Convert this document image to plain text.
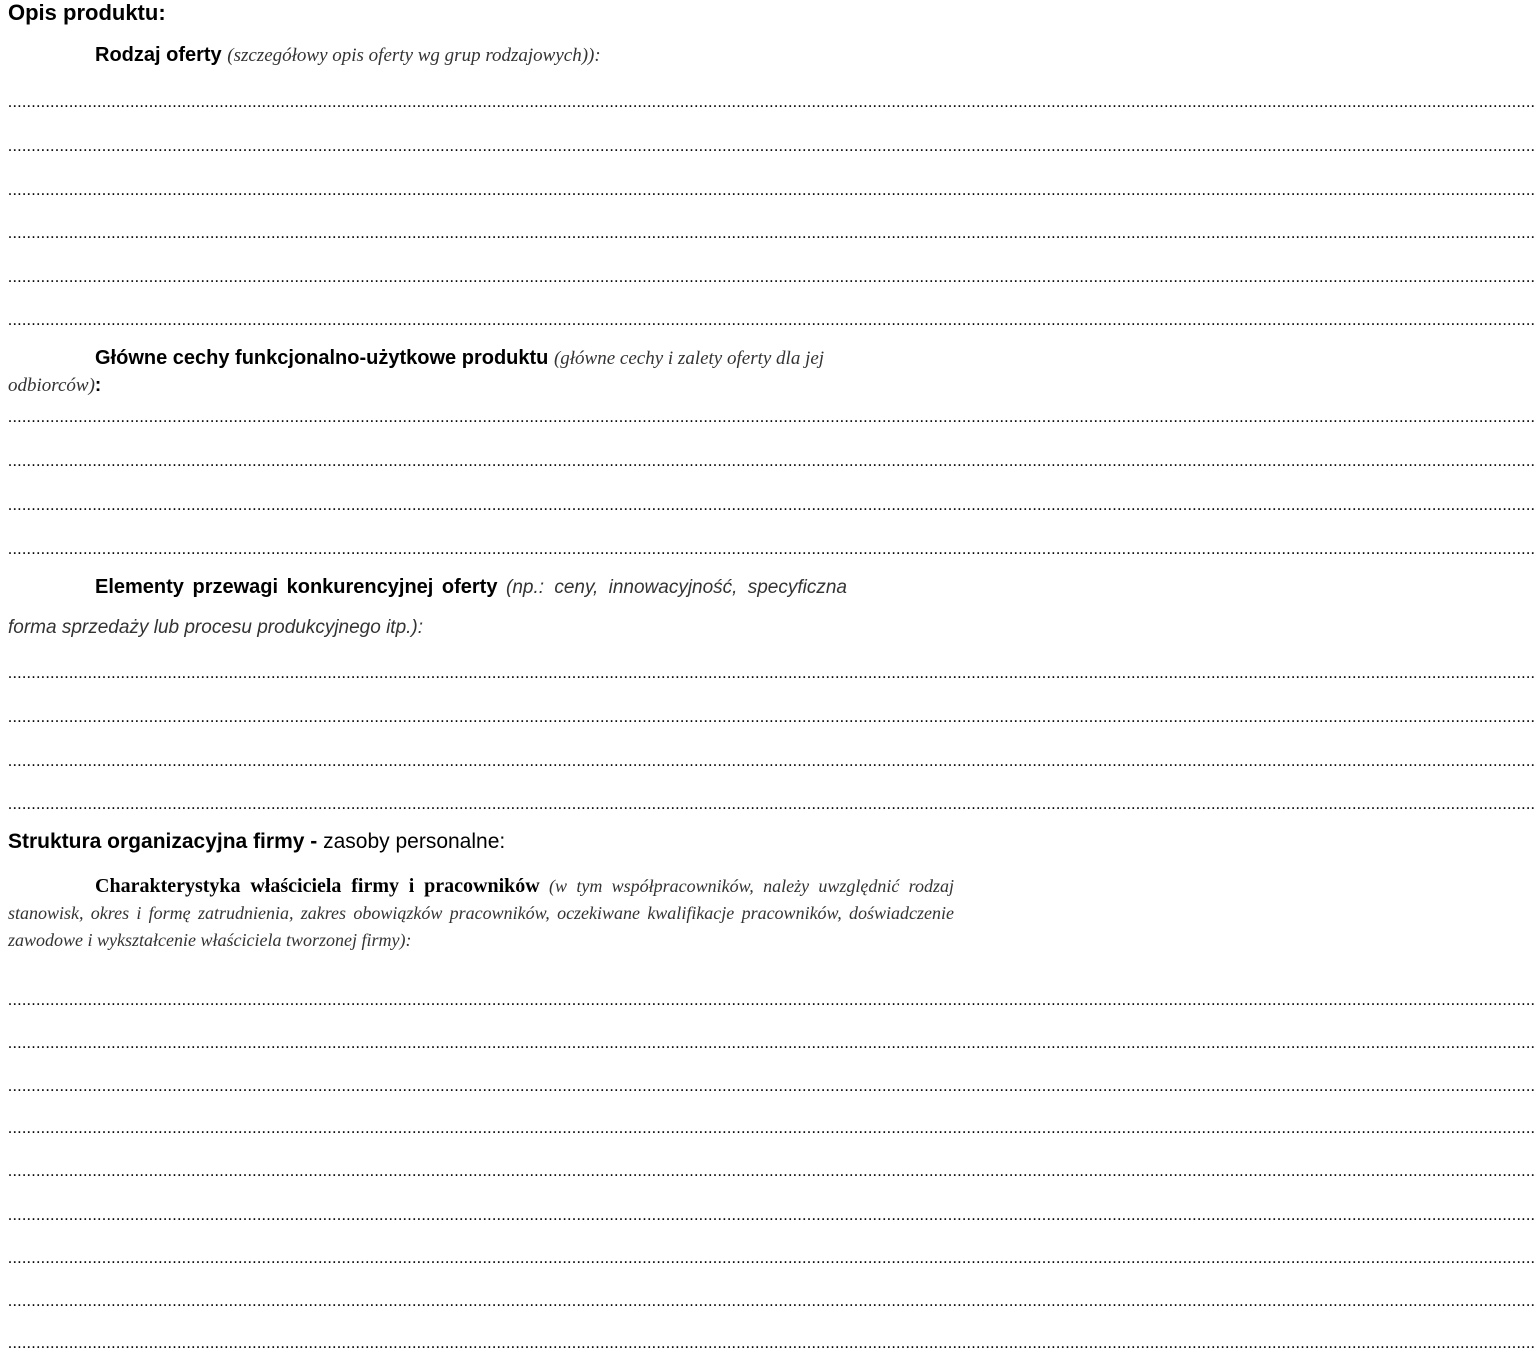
Opis produktu:
Rodzaj oferty (szczegółowy opis oferty wg grup rodzajowych)):
.....................................................................................................................................................................................................................................................................................................................................
.....................................................................................................................................................................................................................................................................................................................................
.....................................................................................................................................................................................................................................................................................................................................
.....................................................................................................................................................................................................................................................................................................................................
.....................................................................................................................................................................................................................................................................................................................................
.....................................................................................................................................................................................................................................................................................................................................
Główne cechy funkcjonalno-użytkowe produktu (główne cechy i zalety oferty dla jej
odbiorców):
.....................................................................................................................................................................................................................................................................................................................................
.....................................................................................................................................................................................................................................................................................................................................
.....................................................................................................................................................................................................................................................................................................................................
.....................................................................................................................................................................................................................................................................................................................................
Elementy przewagi konkurencyjnej oferty (np.: ceny, innowacyjność, specyficzna
forma sprzedaży lub procesu produkcyjnego itp.):
.....................................................................................................................................................................................................................................................................................................................................
.....................................................................................................................................................................................................................................................................................................................................
.....................................................................................................................................................................................................................................................................................................................................
.....................................................................................................................................................................................................................................................................................................................................
Struktura organizacyjna firmy - zasoby personalne:
Charakterystyka właściciela firmy i pracowników (w tym współpracowników, należy uwzględnić rodzaj stanowisk, okres i formę zatrudnienia, zakres obowiązków pracowników, oczekiwane kwalifikacje pracowników, doświadczenie zawodowe i wykształcenie właściciela tworzonej firmy):
.....................................................................................................................................................................................................................................................................................................................................
.....................................................................................................................................................................................................................................................................................................................................
.....................................................................................................................................................................................................................................................................................................................................
.....................................................................................................................................................................................................................................................................................................................................
.....................................................................................................................................................................................................................................................................................................................................
.....................................................................................................................................................................................................................................................................................................................................
.....................................................................................................................................................................................................................................................................................................................................
.....................................................................................................................................................................................................................................................................................................................................
.....................................................................................................................................................................................................................................................................................................................................
